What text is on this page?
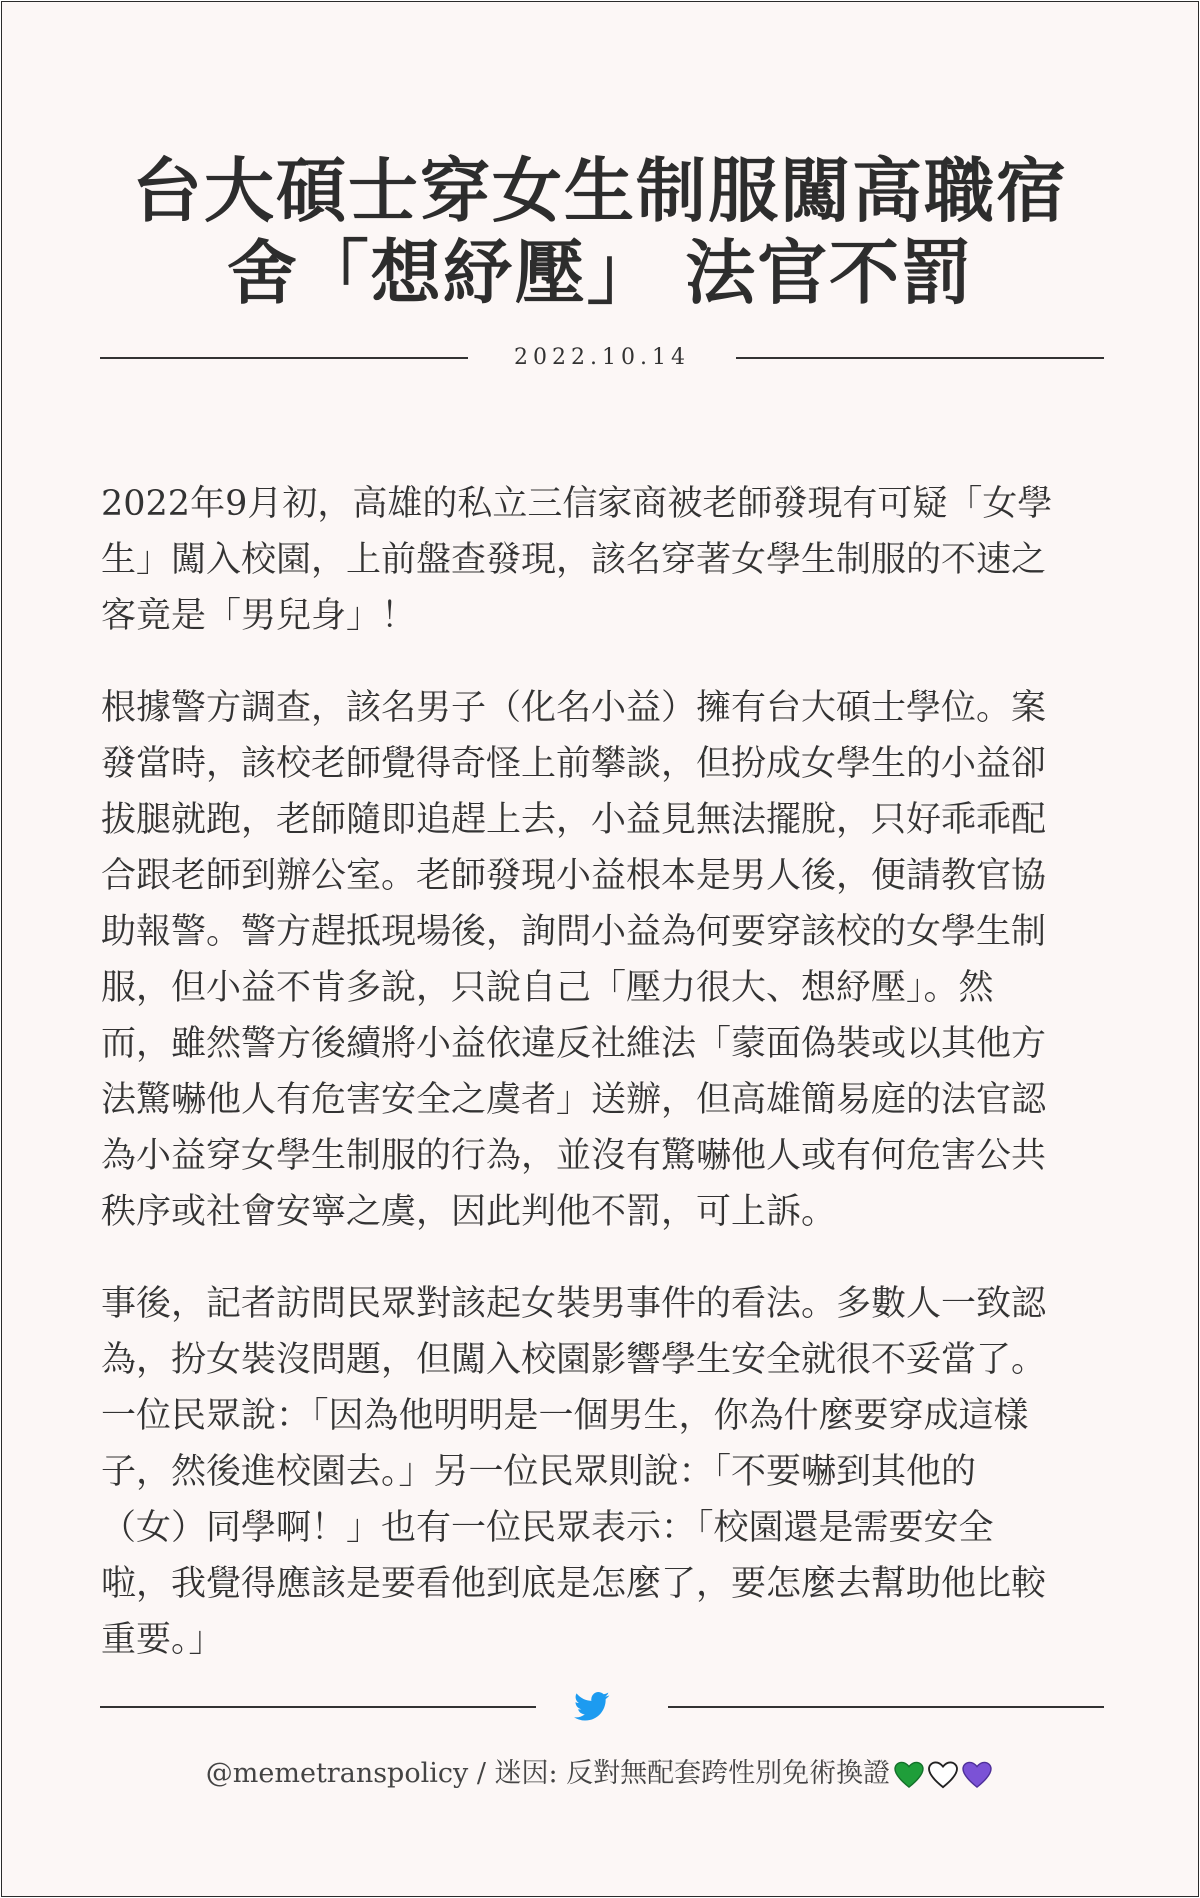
台大碩士穿女生制服闖高職宿
舍「想紓壓」 法官不罰
2022.10.14

2022年9月初，高雄的私立三信家商被老師發現有可疑「女學
生」闖入校園，上前盤查發現，該名穿著女學生制服的不速之
客竟是「男兒身」！

根據警方調查，該名男子（化名小益）擁有台大碩士學位。案
發當時，該校老師覺得奇怪上前攀談，但扮成女學生的小益卻
拔腿就跑，老師隨即追趕上去，小益見無法擺脫，只好乖乖配
合跟老師到辦公室。老師發現小益根本是男人後，便請教官協
助報警。警方趕抵現場後，詢問小益為何要穿該校的女學生制
服，但小益不肯多說，只說自己「壓力很大、想紓壓」。然
而，雖然警方後續將小益依違反社維法「蒙面偽裝或以其他方
法驚嚇他人有危害安全之虞者」送辦，但高雄簡易庭的法官認
為小益穿女學生制服的行為，並沒有驚嚇他人或有何危害公共
秩序或社會安寧之虞，因此判他不罰，可上訴。

事後，記者訪問民眾對該起女裝男事件的看法。多數人一致認
為，扮女裝沒問題，但闖入校園影響學生安全就很不妥當了。
一位民眾說：「因為他明明是一個男生，你為什麼要穿成這樣
子，然後進校園去。」另一位民眾則說：「不要嚇到其他的
（女）同學啊！」也有一位民眾表示：「校園還是需要安全
啦，我覺得應該是要看他到底是怎麼了，要怎麼去幫助他比較
重要。」

@memetranspolicy / 迷因: 反對無配套跨性別免術換證
